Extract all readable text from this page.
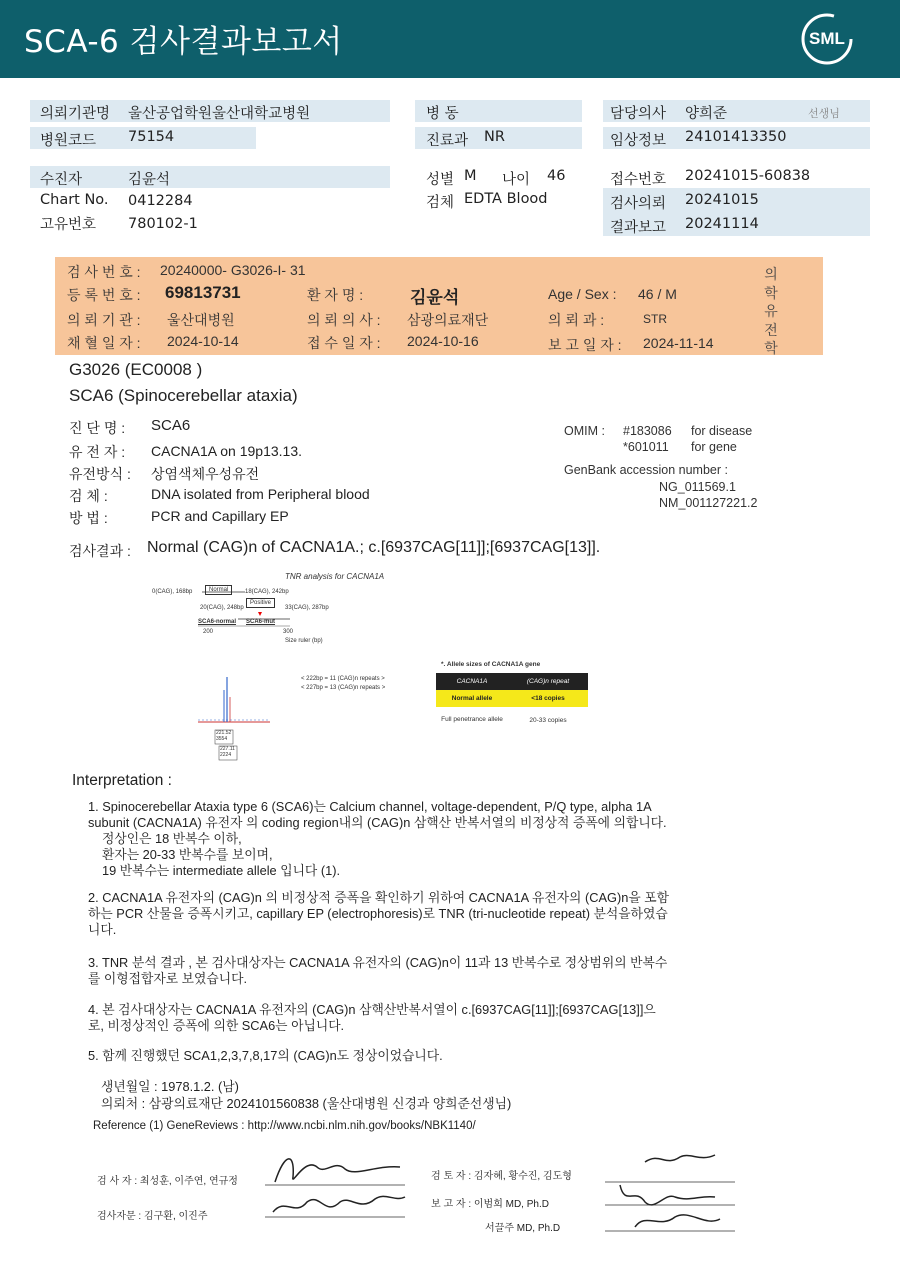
SCA-6 검사결과보고서	SML
의뢰기관명 울산공업학원울산대학교병원
병원코드 75154
병 동
진료과 NR
담당의사 양희준	선생님
임상정보 24101413350
수진자	김윤석
Chart No. 0412284
고유번호 780102-1
성별 M 나이 46
검체 EDTA Blood
접수번호 20241015-60838
검사의뢰 20241015
결과보고 20241114
검 사 번 호 : 20240000- G3026-I- 31
등 록 번 호 : 69813731	환 자 명 :	김윤석	Age / Sex : 46 / M
의 뢰 기 관 : 울산대병원	의 뢰 의 사 : 삼광의료재단	의 뢰 과 :	STR
채 혈 일 자 : 2024-10-14	접 수 일 자 : 2024-10-16	보 고 일 자 : 2024-11-14
의
학
유
전
학
G3026 (EC0008 )
SCA6 (Spinocerebellar ataxia)
진 단 명 : SCA6
유 전 자 : CACNA1A on 19p13.13.
유전방식 : 상염색체우성유전
검 체 :	DNA isolated from Peripheral blood
방 법 :	PCR and Capillary EP
OMIM : #183086 for disease
*601011 for gene
GenBank accession number :
NG_011569.1
NM_001127221.2
검사결과 : Normal (CAG)n of CACNA1A.; c.[6937CAG[11]];[6937CAG[13]].
TNR analysis for CACNA1A
0(CAG), 168bp	Normal	18(CAG), 242bp
20(CAG), 248bp
Positive
33(CAG), 287bp
SCA6-normal SCA6-mut
200	300
Size ruler (bp)
< 222bp = 11 (CAG)n repeats >
< 227bp = 13 (CAG)n repeats >
221.52
3554
227.11
2224
*. Allele sizes of CACNA1A gene
CACNA1A	(CAG)n repeat
Normal allele	<18 copies
Full penetrance allele	20-33 copies
Interpretation :
1. Spinocerebellar Ataxia type 6 (SCA6)는 Calcium channel, voltage-dependent, P/Q type, alpha 1A
subunit (CACNA1A) 유전자 의 coding region내의 (CAG)n 삼핵산 반복서열의 비정상적 증폭에 의합니다.
정상인은 18 반복수 이하,
환자는 20-33 반복수를 보이며,
19 반복수는 intermediate allele 입니다 (1).
2. CACNA1A 유전자의 (CAG)n 의 비정상적 증폭을 확인하기 위하여 CACNA1A 유전자의 (CAG)n을 포함
하는 PCR 산물을 증폭시키고, capillary EP (electrophoresis)로 TNR (tri-nucleotide repeat) 분석을하였습
니다.
3. TNR 분석 결과 , 본 검사대상자는 CACNA1A 유전자의 (CAG)n이 11과 13 반복수로 정상범위의 반복수
를 이형접합자로 보였습니다.
4. 본 검사대상자는 CACNA1A 유전자의 (CAG)n 삼핵산반복서열이 c.[6937CAG[11]];[6937CAG[13]]으
로, 비정상적인 증폭에 의한 SCA6는 아닙니다.
5. 함께 진행했던 SCA1,2,3,7,8,17의 (CAG)n도 정상이었습니다.
생년월일 : 1978.1.2. (남)
의뢰처 : 삼광의료재단 2024101560838 (울산대병원 신경과 양희준선생님)
Reference (1) GeneReviews : http://www.ncbi.nlm.nih.gov/books/NBK1140/
검 사 자 : 최성훈, 이주연, 연규정
검사자문 : 김구환, 이진주
검 토 자 : 김자혜, 황수진, 김도형
보 고 자 : 이범희 MD, Ph.D
서끌주 MD, Ph.D
